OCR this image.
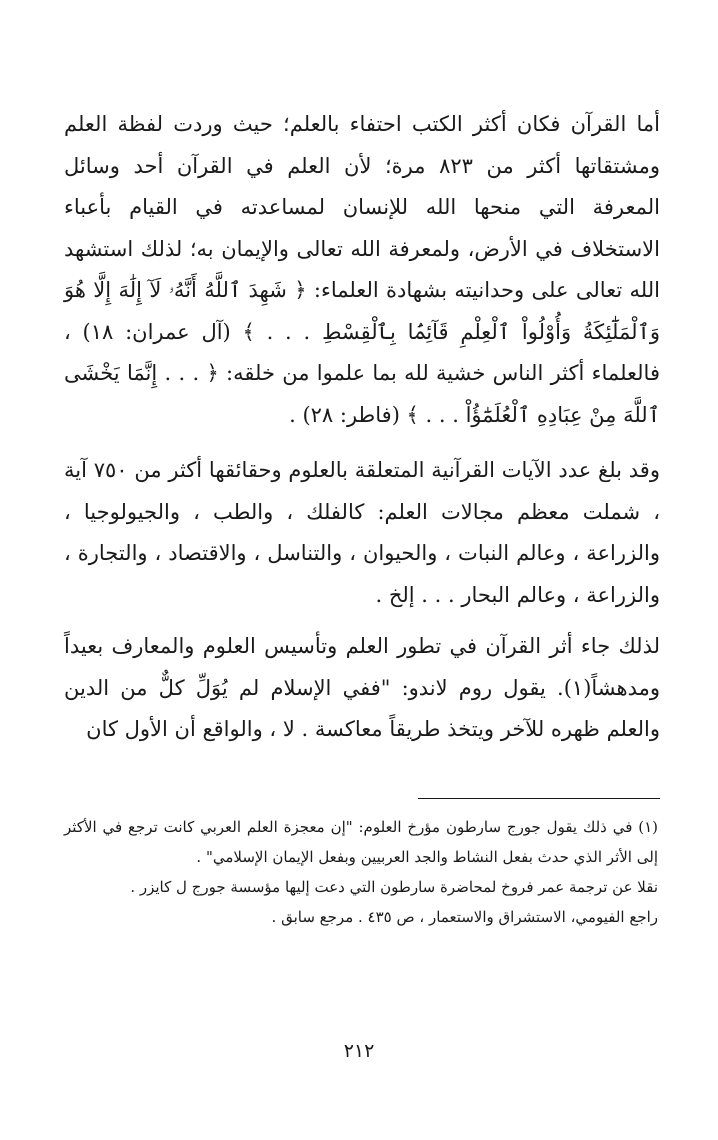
أما القرآن فكان أكثر الكتب احتفاء بالعلم؛ حيث وردت لفظة العلم ومشتقاتها أكثر من ٨٢٣ مرة؛ لأن العلم في القرآن أحد وسائل المعرفة التي منحها الله للإنسان لمساعدته في القيام بأعباء الاستخلاف في الأرض، ولمعرفة الله تعالى والإيمان به؛ لذلك استشهد الله تعالى على وحدانيته بشهادة العلماء: ﴿ شَهِدَ ٱللَّهُ أَنَّهُۥ لَآ إِلَٰهَ إِلَّا هُوَ وَٱلْمَلَٰٓئِكَةُ وَأُوْلُواْ ٱلْعِلْمِ قَآئِمَۢا بِٱلْقِسْطِ . . . ﴾ (آل عمران: ١٨) ، فالعلماء أكثر الناس خشية لله بما علموا من خلقه: ﴿ . . . إِنَّمَا يَخْشَى ٱللَّهَ مِنْ عِبَادِهِ ٱلْعُلَمَٰٓؤُاْ . . . ﴾ (فاطر: ٢٨) .

وقد بلغ عدد الآيات القرآنية المتعلقة بالعلوم وحقائقها أكثر من ٧٥٠ آية ، شملت معظم مجالات العلم: كالفلك ، والطب ، والجيولوجيا ، والزراعة ، وعالم النبات ، والحيوان ، والتناسل ، والاقتصاد ، والتجارة ، والزراعة ، وعالم البحار . . . إلخ .

لذلك جاء أثر القرآن في تطور العلم وتأسيس العلوم والمعارف بعيداً ومدهشاً(١). يقول روم لاندو: "ففي الإسلام لم يُوَلِّ كلٌّ من الدين والعلم ظهره للآخر ويتخذ طريقاً معاكسة . لا ، والواقع أن الأول كان

(١) في ذلك يقول جورج سارطون مؤرخ العلوم: "إن معجزة العلم العربي كانت ترجع في الأكثر إلى الأثر الذي حدث بفعل النشاط والجد العربيين وبفعل الإيمان الإسلامي" .

نقلا عن ترجمة عمر فروخ لمحاضرة سارطون التي دعت إليها مؤسسة جورج ل كايزر .

راجع الفيومي، الاستشراق والاستعمار ، ص ٤٣٥ . مرجع سابق .

٢١٢
